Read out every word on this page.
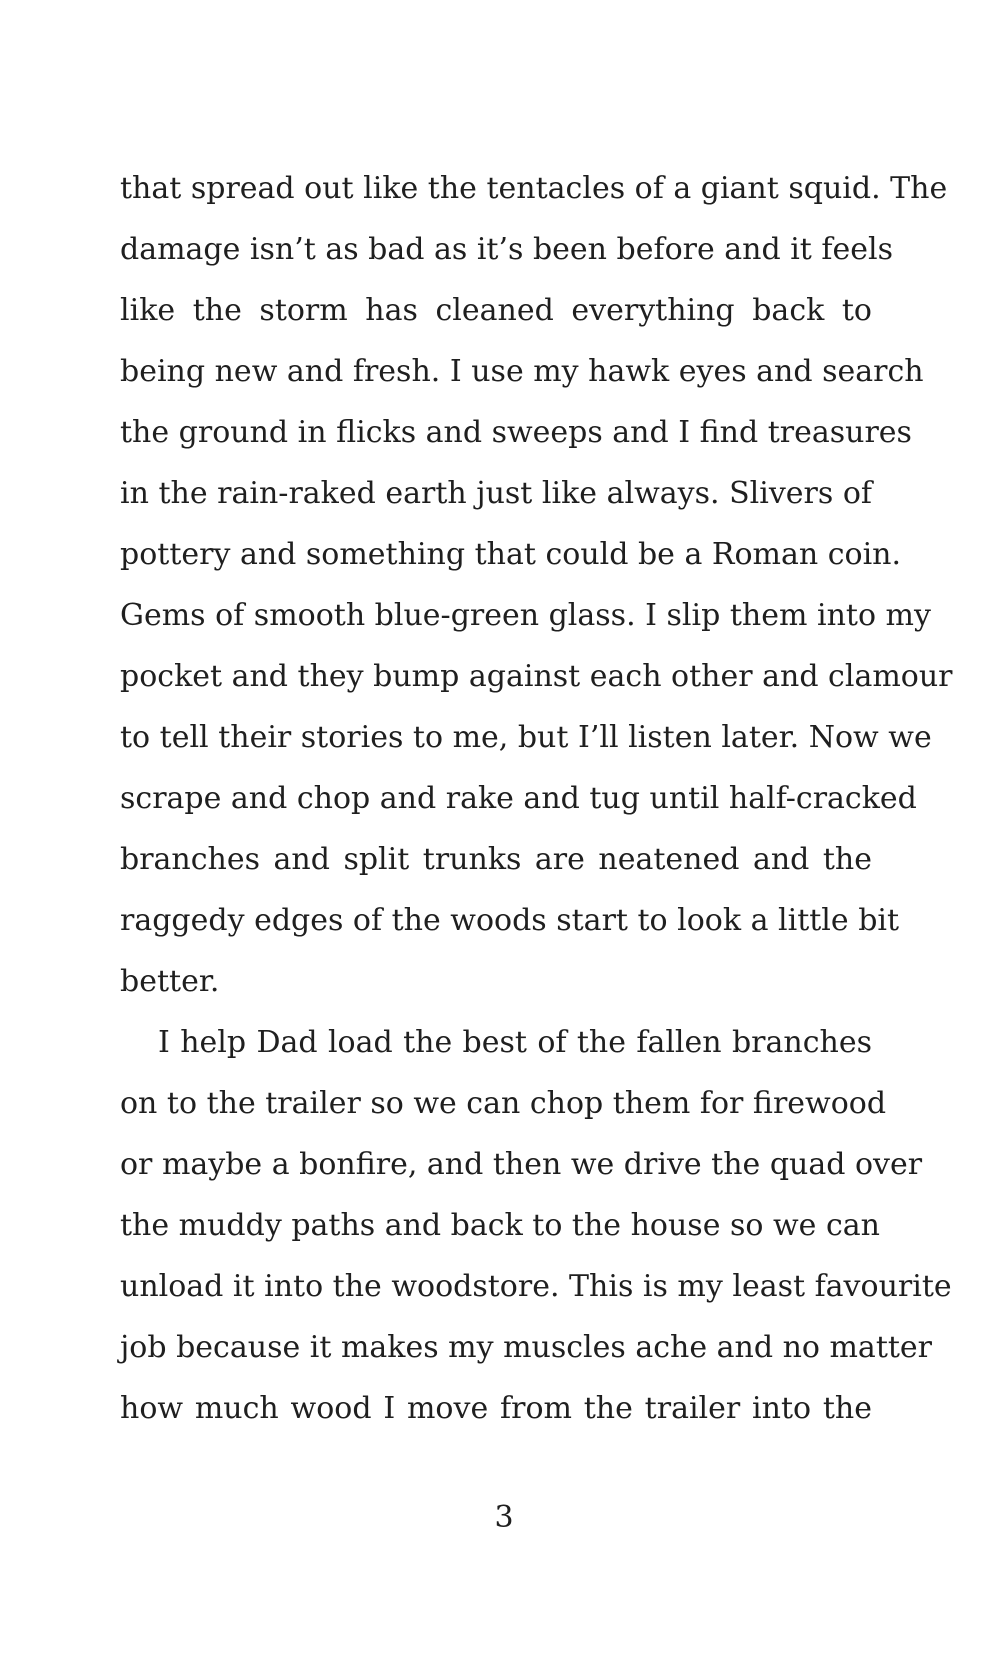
that spread out like the tentacles of a giant squid. The
damage isn’t as bad as it’s been before and it feels
like the storm has cleaned everything back to
being new and fresh. I use my hawk eyes and search
the ground in flicks and sweeps and I find treasures
in the rain-raked earth just like always. Slivers of
pottery and something that could be a Roman coin.
Gems of smooth blue-green glass. I slip them into my
pocket and they bump against each other and clamour
to tell their stories to me, but I’ll listen later. Now we
scrape and chop and rake and tug until half-cracked
branches and split trunks are neatened and the
raggedy edges of the woods start to look a little bit
better.
I help Dad load the best of the fallen branches
on to the trailer so we can chop them for firewood
or maybe a bonfire, and then we drive the quad over
the muddy paths and back to the house so we can
unload it into the woodstore. This is my least favourite
job because it makes my muscles ache and no matter
how much wood I move from the trailer into the
3
